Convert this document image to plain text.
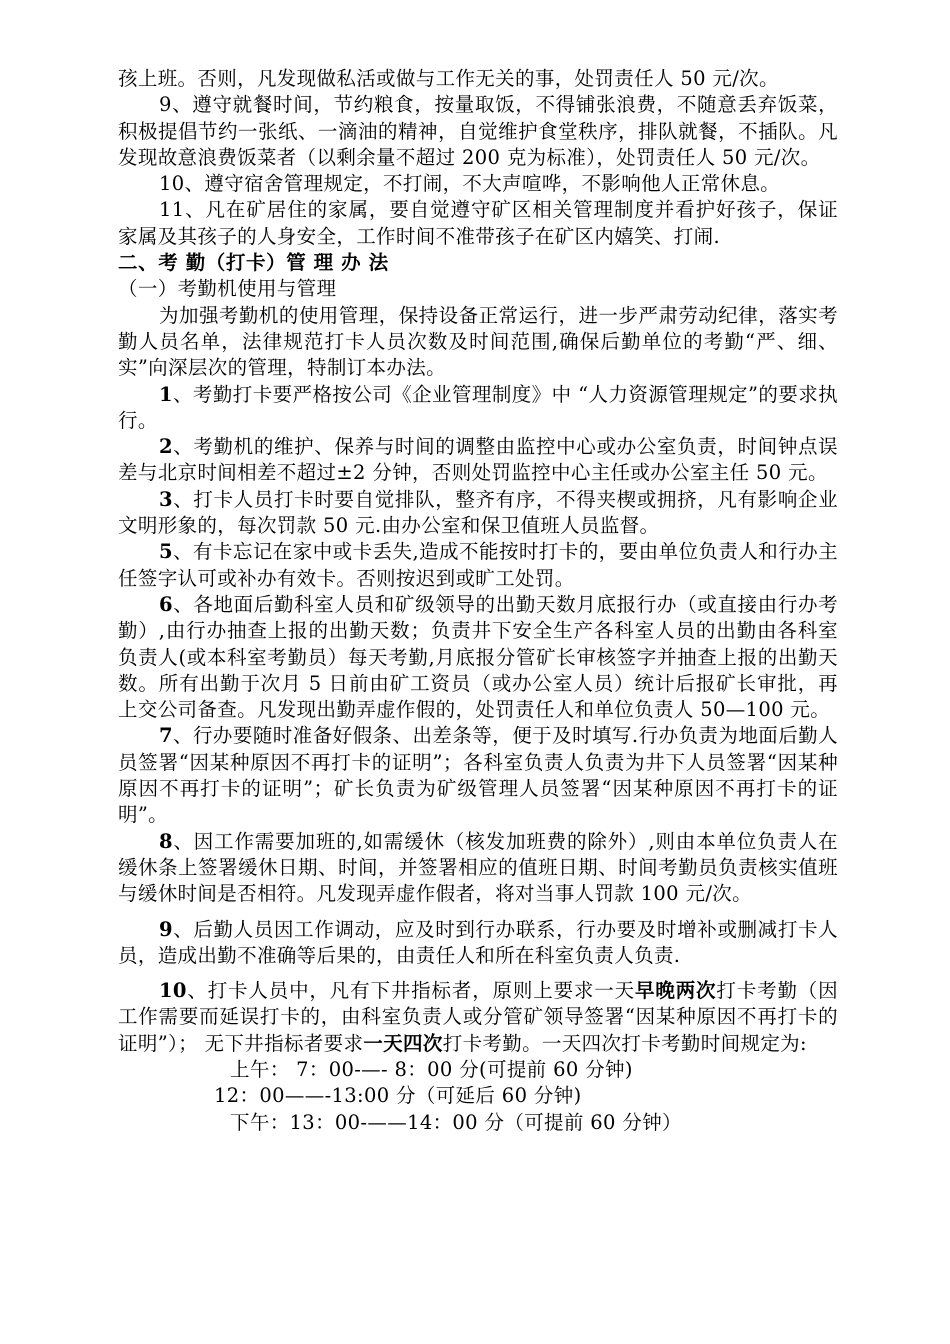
孩上班。否则，凡发现做私活或做与工作无关的事，处罚责任人 50 元/次。

9、遵守就餐时间，节约粮食，按量取饭，不得铺张浪费，不随意丢弃饭菜，积极提倡节约一张纸、一滴油的精神，自觉维护食堂秩序，排队就餐，不插队。凡发现故意浪费饭菜者（以剩余量不超过 200 克为标准），处罚责任人 50 元/次。

10、遵守宿舍管理规定，不打闹，不大声喧哗，不影响他人正常休息。

11、凡在矿居住的家属，要自觉遵守矿区相关管理制度并看护好孩子，保证家属及其孩子的人身安全，工作时间不准带孩子在矿区内嬉笑、打闹.

二、考 勤（打卡）管 理 办 法

（一）考勤机使用与管理

为加强考勤机的使用管理，保持设备正常运行，进一步严肃劳动纪律，落实考勤人员名单，法律规范打卡人员次数及时间范围,确保后勤单位的考勤“严、细、实”向深层次的管理，特制订本办法。

1、考勤打卡要严格按公司《企业管理制度》中 “人力资源管理规定”的要求执行。

2、考勤机的维护、保养与时间的调整由监控中心或办公室负责，时间钟点误差与北京时间相差不超过±2 分钟，否则处罚监控中心主任或办公室主任 50 元。

3、打卡人员打卡时要自觉排队，整齐有序，不得夹楔或拥挤，凡有影响企业文明形象的，每次罚款 50 元.由办公室和保卫值班人员监督。

5、有卡忘记在家中或卡丢失,造成不能按时打卡的，要由单位负责人和行办主任签字认可或补办有效卡。否则按迟到或旷工处罚。

6、各地面后勤科室人员和矿级领导的出勤天数月底报行办（或直接由行办考勤）,由行办抽查上报的出勤天数；负责井下安全生产各科室人员的出勤由各科室负责人(或本科室考勤员）每天考勤,月底报分管矿长审核签字并抽查上报的出勤天数。所有出勤于次月 5 日前由矿工资员（或办公室人员）统计后报矿长审批，再上交公司备查。凡发现出勤弄虚作假的，处罚责任人和单位负责人 50—100 元。

7、行办要随时准备好假条、出差条等，便于及时填写.行办负责为地面后勤人员签署“因某种原因不再打卡的证明”；各科室负责人负责为井下人员签署“因某种原因不再打卡的证明”；矿长负责为矿级管理人员签署“因某种原因不再打卡的证明”。

8、因工作需要加班的,如需缓休（核发加班费的除外）,则由本单位负责人在缓休条上签署缓休日期、时间，并签署相应的值班日期、时间考勤员负责核实值班与缓休时间是否相符。凡发现弄虚作假者，将对当事人罚款 100 元/次。

9、后勤人员因工作调动，应及时到行办联系，行办要及时增补或删减打卡人员，造成出勤不准确等后果的，由责任人和所在科室负责人负责.

10、打卡人员中，凡有下井指标者，原则上要求一天早晚两次打卡考勤（因工作需要而延误打卡的，由科室负责人或分管矿领导签署“因某种原因不再打卡的证明”）； 无下井指标者要求一天四次打卡考勤。一天四次打卡考勤时间规定为:

上午： 7：00-—- 8：00 分(可提前 60 分钟)

12：00——-13:00 分（可延后 60 分钟)

下午：13：00-——14：00 分（可提前 60 分钟）
